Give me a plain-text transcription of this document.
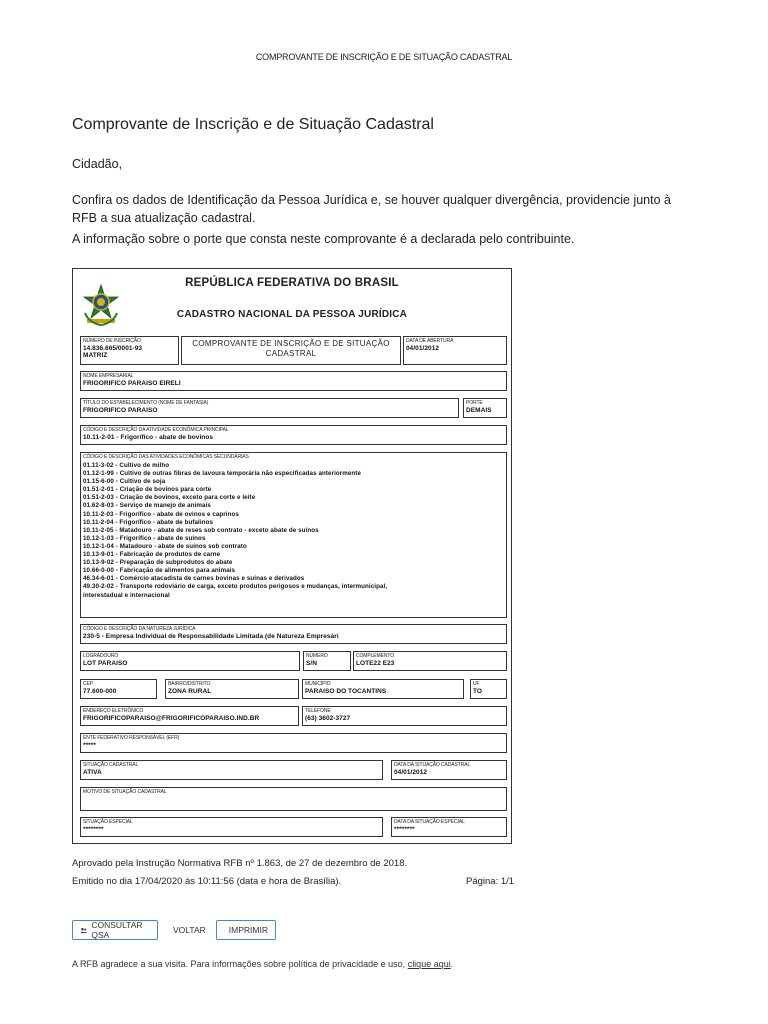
COMPROVANTE DE INSCRIÇÃO E DE SITUAÇÃO CADASTRAL
Comprovante de Inscrição e de Situação Cadastral
Cidadão,
Confira os dados de Identificação da Pessoa Jurídica e, se houver qualquer divergência, providencie junto à RFB a sua atualização cadastral.
A informação sobre o porte que consta neste comprovante é a declarada pelo contribuinte.
REPÚBLICA FEDERATIVA DO BRASIL
CADASTRO NACIONAL DA PESSOA JURÍDICA
NÚMERO DE INSCRIÇÃO
14.836.665/0001-93
MATRIZ
COMPROVANTE DE INSCRIÇÃO E DE SITUAÇÃO CADASTRAL
DATA DE ABERTURA
04/01/2012
NOME EMPRESARIAL
FRIGORIFICO PARAISO EIRELI
TÍTULO DO ESTABELECIMENTO (NOME DE FANTASIA)
FRIGORIFICO PARAISO
PORTE
DEMAIS
CÓDIGO E DESCRIÇÃO DA ATIVIDADE ECONÔMICA PRINCIPAL
10.11-2-01 - Frigorífico - abate de bovinos
CÓDIGO E DESCRIÇÃO DAS ATIVIDADES ECONÔMICAS SECUNDÁRIAS
01.11-3-02 - Cultivo de milho
01.12-1-99 - Cultivo de outras fibras de lavoura temporária não especificadas anteriormente
01.15-6-00 - Cultivo de soja
01.51-2-01 - Criação de bovinos para corte
01.51-2-03 - Criação de bovinos, exceto para corte e leite
01.62-8-03 - Serviço de manejo de animais
10.11-2-03 - Frigorífico - abate de ovinos e caprinos
10.11-2-04 - Frigorífico - abate de bufalinos
10.11-2-05 - Matadouro - abate de reses sob contrato - exceto abate de suínos
10.12-1-03 - Frigorífico - abate de suínos
10.12-1-04 - Matadouro - abate de suínos sob contrato
10.13-9-01 - Fabricação de produtos de carne
10.13-9-02 - Preparação de subprodutos do abate
10.66-0-00 - Fabricação de alimentos para animais
46.34-6-01 - Comércio atacadista de carnes bovinas e suínas e derivados
49.30-2-02 - Transporte rodoviário de carga, exceto produtos perigosos e mudanças, intermunicipal,
interestadual e internacional
CÓDIGO E DESCRIÇÃO DA NATUREZA JURÍDICA
230-5 - Empresa Individual de Responsabilidade Limitada (de Natureza Empresári
LOGRADOURO
LOT PARAISO
NÚMERO
S/N
COMPLEMENTO
LOTE22 E23
CEP
77.600-000
BAIRRO/DISTRITO
ZONA RURAL
MUNICÍPIO
PARAISO DO TOCANTINS
UF
TO
ENDEREÇO ELETRÔNICO
FRIGORIFICOPARAISO@FRIGORIFICOPARAISO.IND.BR
TELEFONE
(63) 3602-3727
ENTE FEDERATIVO RESPONSÁVEL (EFR)
*****
SITUAÇÃO CADASTRAL
ATIVA
DATA DA SITUAÇÃO CADASTRAL
04/01/2012
MOTIVO DE SITUAÇÃO CADASTRAL
SITUAÇÃO ESPECIAL
********
DATA DA SITUAÇÃO ESPECIAL
********
Aprovado pela Instrução Normativa RFB nº 1.863, de 27 de dezembro de 2018.
Emitido no dia 17/04/2020 às 10:11:56 (data e hora de Brasília).	Página: 1/1
CONSULTAR QSA	VOLTAR	IMPRIMIR
A RFB agradece a sua visita. Para informações sobre política de privacidade e uso, clique aqui.
